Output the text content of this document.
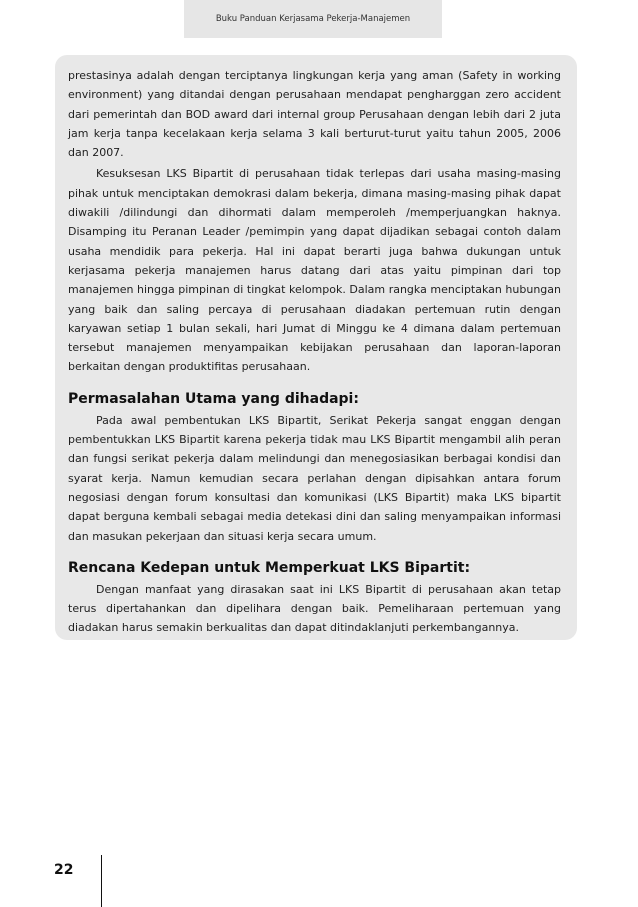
Buku Panduan Kerjasama Pekerja-Manajemen

prestasinya adalah dengan terciptanya lingkungan kerja yang aman (Safety in working environment) yang ditandai dengan perusahaan mendapat pengharggan zero accident dari pemerintah dan BOD award dari internal group Perusahaan dengan lebih dari 2 juta jam kerja tanpa kecelakaan kerja selama 3 kali berturut-turut yaitu tahun 2005, 2006 dan 2007.

Kesuksesan LKS Bipartit di perusahaan tidak terlepas dari usaha masing-masing pihak untuk menciptakan demokrasi dalam bekerja, dimana masing-masing pihak dapat diwakili /dilindungi dan dihormati dalam memperoleh /memperjuangkan haknya. Disamping itu Peranan Leader /pemimpin yang dapat dijadikan sebagai contoh dalam usaha mendidik para pekerja. Hal ini dapat berarti juga bahwa dukungan untuk kerjasama pekerja manajemen harus datang dari atas yaitu pimpinan dari top manajemen hingga pimpinan di tingkat kelompok. Dalam rangka menciptakan hubungan yang baik dan saling percaya di perusahaan diadakan pertemuan rutin dengan karyawan setiap 1 bulan sekali, hari Jumat di Minggu ke 4 dimana dalam pertemuan tersebut manajemen menyampaikan kebijakan perusahaan dan laporan-laporan berkaitan dengan produktifitas perusahaan.

Permasalahan Utama yang dihadapi:

Pada awal pembentukan LKS Bipartit, Serikat Pekerja sangat enggan dengan pembentukkan LKS Bipartit karena pekerja tidak mau LKS Bipartit mengambil alih peran dan fungsi serikat pekerja dalam melindungi dan menegosiasikan berbagai kondisi dan syarat kerja. Namun kemudian secara perlahan dengan dipisahkan antara forum negosiasi dengan forum konsultasi dan komunikasi (LKS Bipartit) maka LKS bipartit dapat berguna kembali sebagai media detekasi dini dan saling menyampaikan informasi dan masukan pekerjaan dan situasi kerja secara umum.

Rencana Kedepan untuk Memperkuat LKS Bipartit:

Dengan manfaat yang dirasakan saat ini LKS Bipartit di perusahaan akan tetap terus dipertahankan dan dipelihara dengan baik. Pemeliharaan pertemuan yang diadakan harus semakin berkualitas dan dapat ditindaklanjuti perkembangannya.

22
